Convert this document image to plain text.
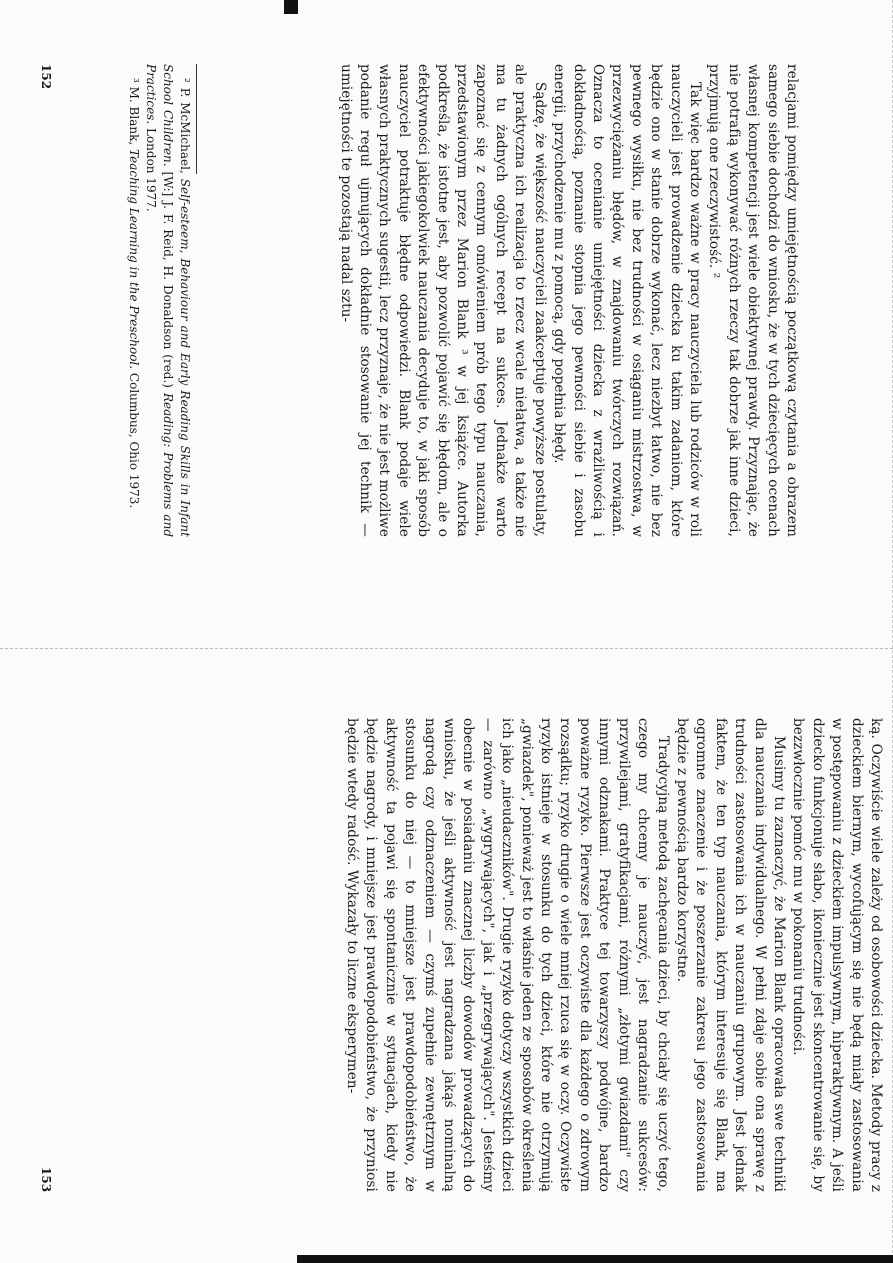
relacjami pomiędzy umiejętnością początkową czytania a obrazem samego siebie dochodzi do wniosku, że w tych dziecięcych ocenach własnej kompetencji jest wiele obiektywnej prawdy. Przyznając, że nie potrafią wykonywać różnych rzeczy tak dobrze jak inne dzieci, przyjmują one rzeczywistość. ²

Tak więc bardzo ważne w pracy nauczyciela lub rodziców w roli nauczycieli jest prowadzenie dziecka ku takim zadaniom, które będzie ono w stanie dobrze wykonać, lecz niezbyt łatwo, nie bez pewnego wysiłku, nie bez trudności w osiąganiu mistrzostwa, w przezwyciężaniu błędów, w znajdowaniu twórczych rozwiązań. Oznacza to ocenianie umiejętności dziecka z wrażliwością i dokładnością, poznanie stopnia jego pewności siebie i zasobu energii, przychodzenie mu z pomocą, gdy popełnia błędy.

Sądzę, że większość nauczycieli zaakceptuje powyższe postulaty, ale praktyczna ich realizacja to rzecz wcale niełatwa, a także nie ma tu żadnych ogólnych recept na sukces. Jednakże warto zapoznać się z cennym omówieniem prób tego typu nauczania, przedstawionym przez Marion Blank ³ w jej książce. Autorka podkreśla, że istotne jest, aby pozwolić pojawić się błędom, ale o efektywności jakiegokolwiek nauczania decyduje to, w jaki sposób nauczyciel potraktuje błędne odpowiedzi. Blank podaje wiele własnych praktycznych sugestii, lecz przyznaje, że nie jest możliwe podanie reguł ujmujących dokładnie stosowanie jej technik — umiejętności te pozostają nadal sztu-

² P. McMichael, Self-esteem, Behaviour and Early Reading Skills in Infant School Children. [W:] J. F. Reid, H. Donaldson (red.) Reading: Problems and Practices. London 1977.

³ M. Blank, Teaching Learning in the Preschool. Columbus, Ohio 1973.

152

ką. Oczywiście wiele zależy od osobowości dziecka. Metody pracy z dzieckiem biernym, wycofującym się nie będą miały zastosowania w postępowaniu z dzieckiem impulsywnym, hiperaktywnym. A jeśli dziecko funkcjonuje słabo, ikoniecznie jest skoncentrowanie się, by bezzwłocznie pomóc mu w pokonaniu trudności.

Musimy tu zaznaczyć, że Marion Blank opracowała swe techniki dla nauczania indywidualnego. W pełni zdaje sobie ona sprawę z trudności zastosowania ich w nauczaniu grupowym. Jest jednak faktem, że ten typ nauczania, którym interesuje się Blank, ma ogromne znaczenie i że poszerzanie zakresu jego zastosowania będzie z pewnością bardzo korzystne.

Tradycyjną metodą zachęcania dzieci, by chciały się uczyć tego, czego my chcemy je nauczyć, jest nagradzanie sukcesów: przywilejami, gratyfikacjami, różnymi „złotymi gwiazdami" czy innymi odznakami. Praktyce tej towarzyszy podwójne, bardzo poważne ryzyko. Pierwsze jest oczywiste dla każdego o zdrowym rozsądku; ryzyko drugie o wiele mniej rzuca się w oczy. Oczywiste ryzyko istnieje w stosunku do tych dzieci, które nie otrzymują „gwiazdek", ponieważ jest to właśnie jeden ze sposobów określenia ich jako „nieudaczników". Drugie ryzyko dotyczy wszystkich dzieci — zarówno „wygrywających", jak i „przegrywających". Jesteśmy obecnie w posiadaniu znacznej liczby dowodów prowadzących do wniosku, że jeśli aktywność jest nagradzana jakąś nominalną nagrodą czy odznaczeniem — czymś zupełnie zewnętrznym w stosunku do niej — to mniejsze jest prawdopodobieństwo, że aktywność ta pojawi się spontanicznie w sytuacjach, kiedy nie będzie nagrody, i mniejsze jest prawdopodobieństwo, że przyniosi będzie wtedy radość. Wykazały to liczne eksperymen-

153
